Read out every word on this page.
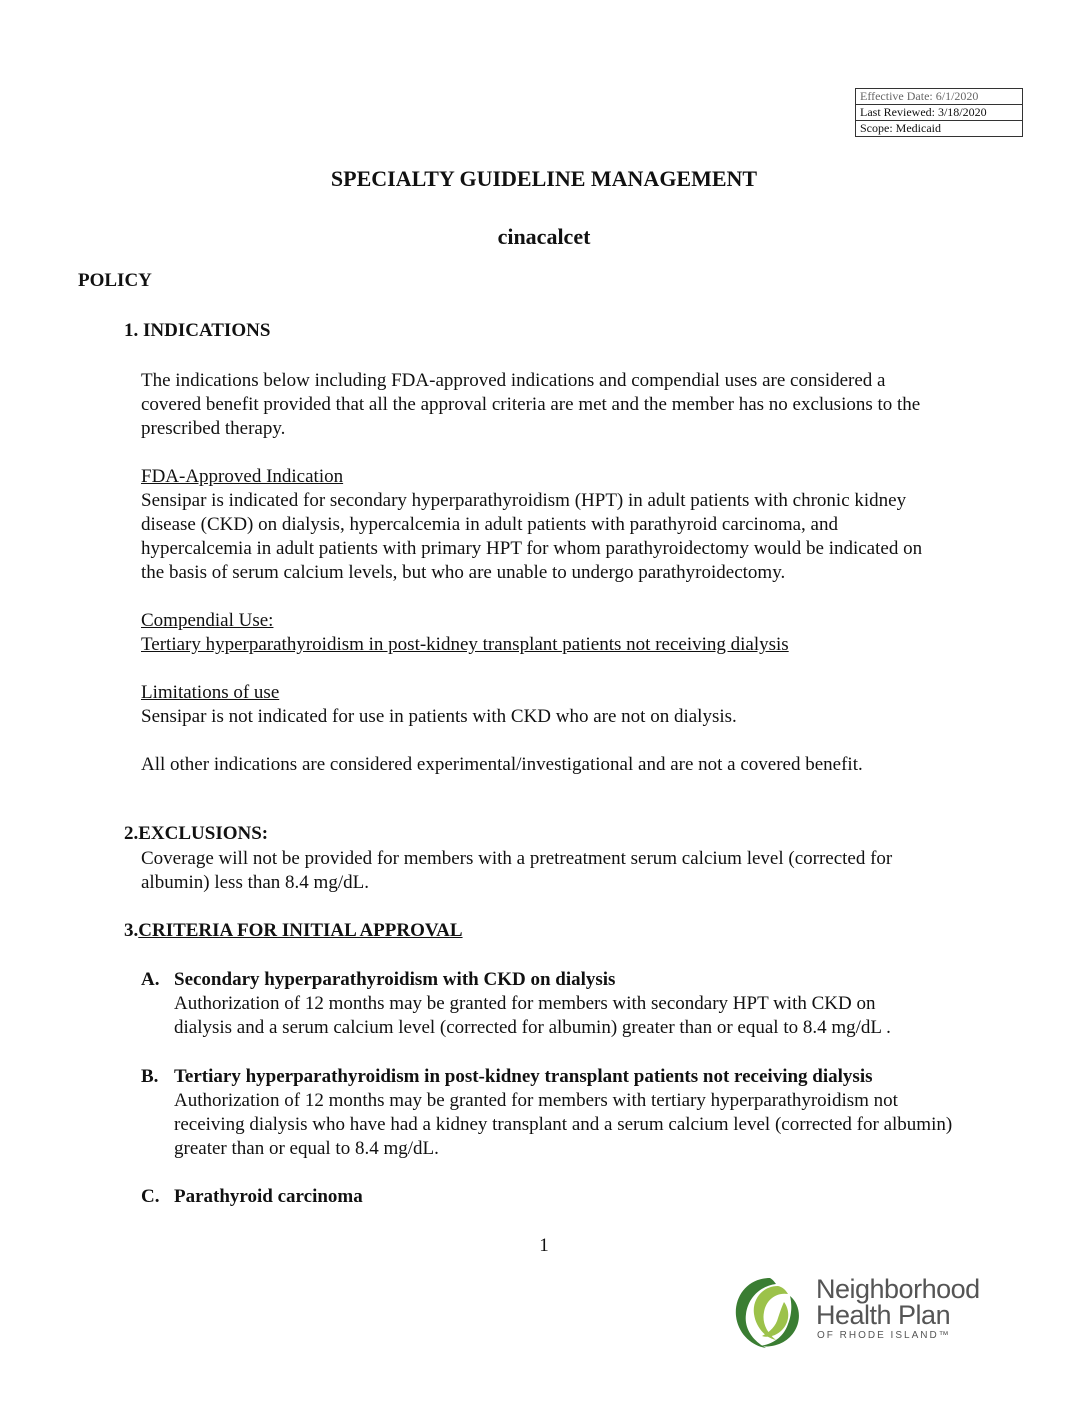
Effective Date: 6/1/2020
Last Reviewed: 3/18/2020
Scope: Medicaid
SPECIALTY GUIDELINE MANAGEMENT
cinacalcet
POLICY
1. INDICATIONS
The indications below including FDA-approved indications and compendial uses are considered a
covered benefit provided that all the approval criteria are met and the member has no exclusions to the
prescribed therapy.
FDA-Approved Indication
Sensipar is indicated for secondary hyperparathyroidism (HPT) in adult patients with chronic kidney
disease (CKD) on dialysis, hypercalcemia in adult patients with parathyroid carcinoma, and
hypercalcemia in adult patients with primary HPT for whom parathyroidectomy would be indicated on
the basis of serum calcium levels, but who are unable to undergo parathyroidectomy.
Compendial Use:
Tertiary hyperparathyroidism in post-kidney transplant patients not receiving dialysis
Limitations of use
Sensipar is not indicated for use in patients with CKD who are not on dialysis.
All other indications are considered experimental/investigational and are not a covered benefit.
2.EXCLUSIONS:
Coverage will not be provided for members with a pretreatment serum calcium level (corrected for
albumin) less than 8.4 mg/dL.
3.CRITERIA FOR INITIAL APPROVAL
A. Secondary hyperparathyroidism with CKD on dialysis
Authorization of 12 months may be granted for members with secondary HPT with CKD on
dialysis and a serum calcium level (corrected for albumin) greater than or equal to 8.4 mg/dL .
B. Tertiary hyperparathyroidism in post-kidney transplant patients not receiving dialysis
Authorization of 12 months may be granted for members with tertiary hyperparathyroidism not
receiving dialysis who have had a kidney transplant and a serum calcium level (corrected for albumin)
greater than or equal to 8.4 mg/dL.
C. Parathyroid carcinoma
1
Neighborhood
Health Plan
OF RHODE ISLAND™
